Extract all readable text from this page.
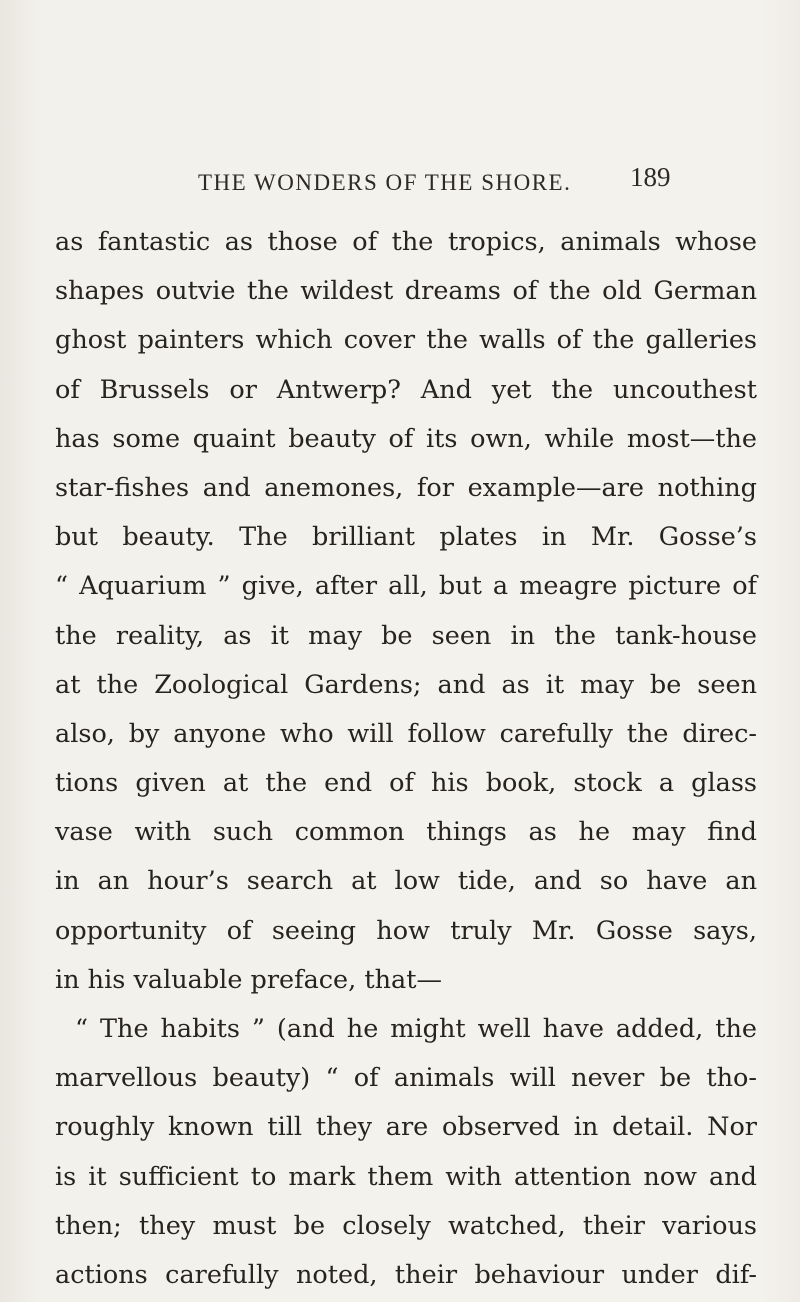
THE WONDERS OF THE SHORE. 189
as fantastic as those of the tropics, animals whose
shapes outvie the wildest dreams of the old German
ghost painters which cover the walls of the galleries
of Brussels or Antwerp? And yet the uncouthest
has some quaint beauty of its own, while most—the
star-fishes and anemones, for example—are nothing
but beauty. The brilliant plates in Mr. Gosse’s
“ Aquarium ” give, after all, but a meagre picture of
the reality, as it may be seen in the tank-house
at the Zoological Gardens; and as it may be seen
also, by anyone who will follow carefully the direc-
tions given at the end of his book, stock a glass
vase with such common things as he may find
in an hour’s search at low tide, and so have an
opportunity of seeing how truly Mr. Gosse says,
in his valuable preface, that—
“ The habits ” (and he might well have added, the
marvellous beauty) “ of animals will never be tho-
roughly known till they are observed in detail. Nor
is it sufficient to mark them with attention now and
then; they must be closely watched, their various
actions carefully noted, their behaviour under dif-
